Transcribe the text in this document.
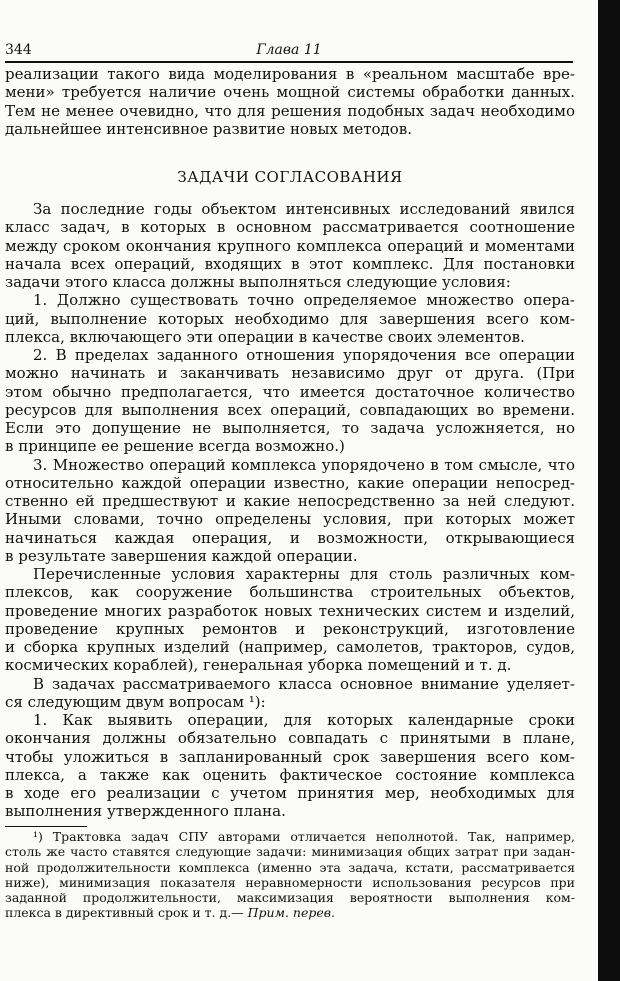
344	Глава 11
реализации такого вида моделирования в «реальном масштабе вре-
мени» требуется наличие очень мощной системы обработки данных.
Тем не менее очевидно, что для решения подобных задач необходимо
дальнейшее интенсивное развитие новых методов.
ЗАДАЧИ СОГЛАСОВАНИЯ
За последние годы объектом интенсивных исследований явился
класс задач, в которых в основном рассматривается соотношение
между сроком окончания крупного комплекса операций и моментами
начала всех операций, входящих в этот комплекс. Для постановки
задачи этого класса должны выполняться следующие условия:
1. Должно существовать точно определяемое множество опера-
ций, выполнение которых необходимо для завершения всего ком-
плекса, включающего эти операции в качестве своих элементов.
2. В пределах заданного отношения упорядочения все операции
можно начинать и заканчивать независимо друг от друга. (При
этом обычно предполагается, что имеется достаточное количество
ресурсов для выполнения всех операций, совпадающих во времени.
Если это допущение не выполняется, то задача усложняется, но
в принципе ее решение всегда возможно.)
3. Множество операций комплекса упорядочено в том смысле, что
относительно каждой операции известно, какие операции непосред-
ственно ей предшествуют и какие непосредственно за ней следуют.
Иными словами, точно определены условия, при которых может
начинаться каждая операция, и возможности, открывающиеся
в результате завершения каждой операции.
Перечисленные условия характерны для столь различных ком-
плексов, как сооружение большинства строительных объектов,
проведение многих разработок новых технических систем и изделий,
проведение крупных ремонтов и реконструкций, изготовление
и сборка крупных изделий (например, самолетов, тракторов, судов,
космических кораблей), генеральная уборка помещений и т. д.
В задачах рассматриваемого класса основное внимание уделяет-
ся следующим двум вопросам ¹):
1. Как выявить операции, для которых календарные сроки
окончания должны обязательно совпадать с принятыми в плане,
чтобы уложиться в запланированный срок завершения всего ком-
плекса, а также как оценить фактическое состояние комплекса
в ходе его реализации с учетом принятия мер, необходимых для
выполнения утвержденного плана.
¹) Трактовка задач СПУ авторами отличается неполнотой. Так, например,
столь же часто ставятся следующие задачи: минимизация общих затрат при задан-
ной продолжительности комплекса (именно эта задача, кстати, рассматривается
ниже), минимизация показателя неравномерности использования ресурсов при
заданной продолжительности, максимизация вероятности выполнения ком-
плекса в директивный срок и т. д.— Прим. перев.
